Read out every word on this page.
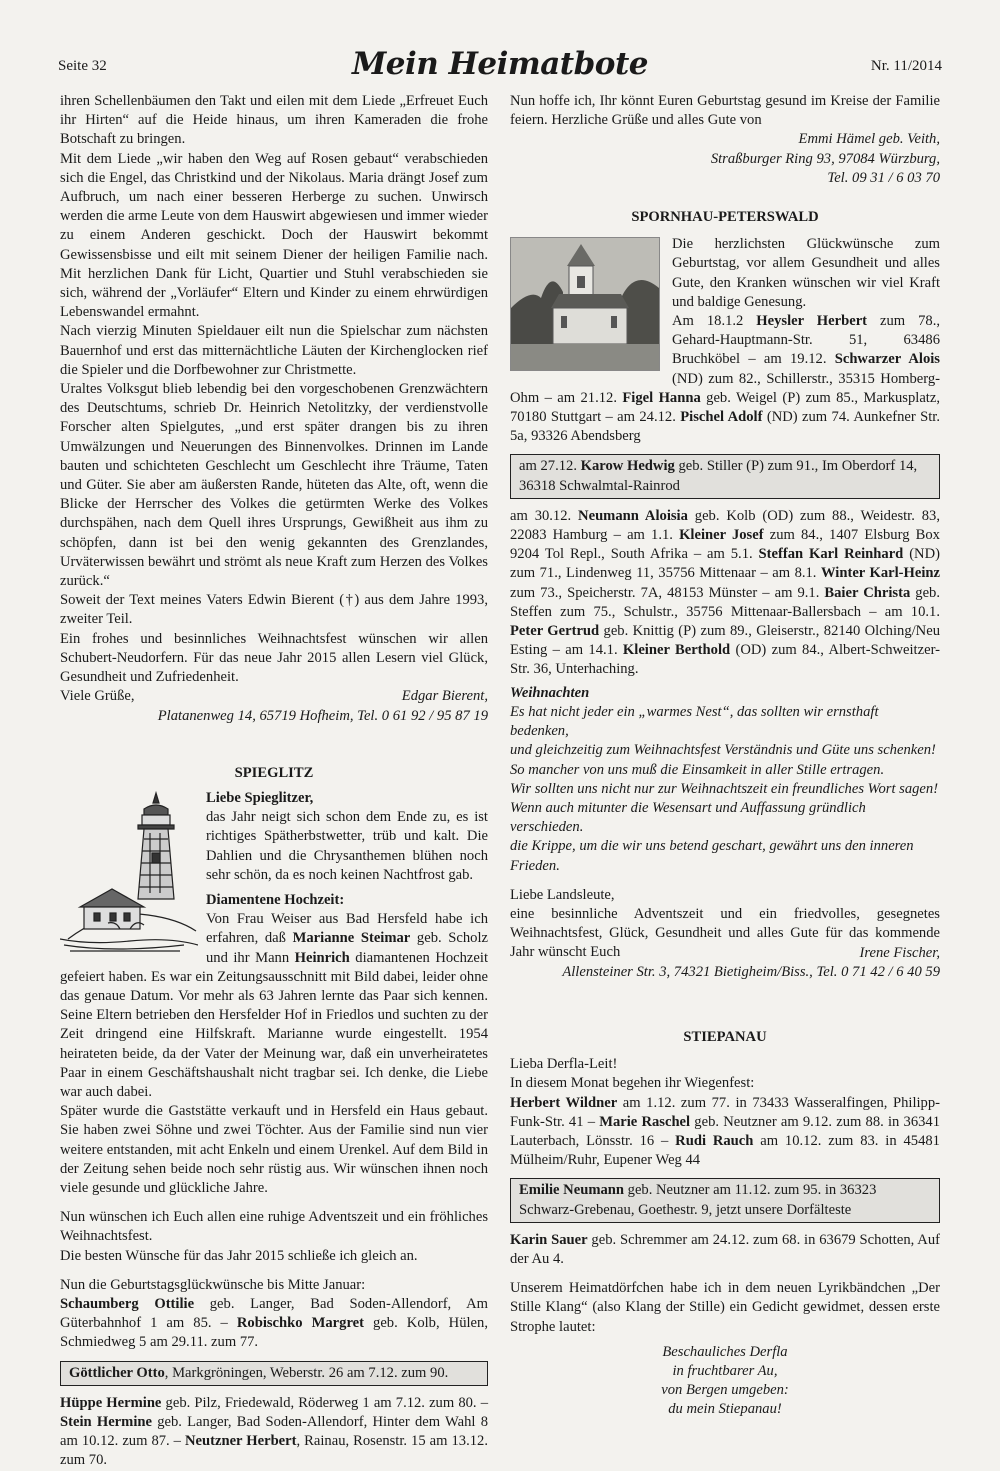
Seite 32	Mein Heimatbote	Nr. 11/2014

ihren Schellenbäumen den Takt und eilen mit dem Liede „Erfreuet Euch ihr Hirten“ auf die Heide hinaus, um ihren Kameraden die frohe Botschaft zu bringen.

Mit dem Liede „wir haben den Weg auf Rosen gebaut“ verabschieden sich die Engel, das Christkind und der Nikolaus. Maria drängt Josef zum Aufbruch, um nach einer besseren Herberge zu suchen. Unwirsch werden die arme Leute von dem Hauswirt abgewiesen und immer wieder zu einem Anderen geschickt. Doch der Hauswirt bekommt Gewissensbisse und eilt mit seinem Diener der heiligen Familie nach. Mit herzlichen Dank für Licht, Quartier und Stuhl verabschieden sie sich, während der „Vorläufer“ Eltern und Kinder zu einem ehrwürdigen Lebenswandel ermahnt.

Nach vierzig Minuten Spieldauer eilt nun die Spielschar zum nächsten Bauernhof und erst das mitternächtliche Läuten der Kirchenglocken rief die Spieler und die Dorfbewohner zur Christmette.

Uraltes Volksgut blieb lebendig bei den vorgeschobenen Grenzwächtern des Deutschtums, schrieb Dr. Heinrich Netolitzky, der verdienstvolle Forscher alten Spielgutes, „und erst später drangen bis zu ihren Umwälzungen und Neuerungen des Binnenvolkes. Drinnen im Lande bauten und schichteten Geschlecht um Geschlecht ihre Träume, Taten und Güter. Sie aber am äußersten Rande, hüteten das Alte, oft, wenn die Blicke der Herrscher des Volkes die getürmten Werke des Volkes durchspähen, nach dem Quell ihres Ursprungs, Gewißheit aus ihm zu schöpfen, dann ist bei den wenig gekannten des Grenzlandes, Urväterwissen bewährt und strömt als neue Kraft zum Herzen des Volkes zurück.“

Soweit der Text meines Vaters Edwin Bierent (†) aus dem Jahre 1993, zweiter Teil.

Ein frohes und besinnliches Weihnachtsfest wünschen wir allen Schubert-Neudorfern. Für das neue Jahr 2015 allen Lesern viel Glück, Gesundheit und Zufriedenheit.

Viele Grüße,	Edgar Bierent,

Platanenweg 14, 65719 Hofheim, Tel. 0 61 92 / 95 87 19

SPIEGLITZ

Liebe Spieglitzer,

das Jahr neigt sich schon dem Ende zu, es ist richtiges Spätherbstwetter, trüb und kalt. Die Dahlien und die Chrysanthemen blühen noch sehr schön, da es noch keinen Nachtfrost gab.

Diamentene Hochzeit:

Von Frau Weiser aus Bad Hersfeld habe ich erfahren, daß Marianne Steimar geb. Scholz und ihr Mann Heinrich diamantenen Hochzeit gefeiert haben. Es war ein Zeitungsausschnitt mit Bild dabei, leider ohne das genaue Datum. Vor mehr als 63 Jahren lernte das Paar sich kennen. Seine Eltern betrieben den Hersfelder Hof in Friedlos und suchten zu der Zeit dringend eine Hilfskraft. Marianne wurde eingestellt. 1954 heirateten beide, da der Vater der Meinung war, daß ein unverheiratetes Paar in einem Geschäftshaushalt nicht tragbar sei. Ich denke, die Liebe war auch dabei.

Später wurde die Gaststätte verkauft und in Hersfeld ein Haus gebaut. Sie haben zwei Söhne und zwei Töchter. Aus der Familie sind nun vier weitere entstanden, mit acht Enkeln und einem Urenkel. Auf dem Bild in der Zeitung sehen beide noch sehr rüstig aus. Wir wünschen ihnen noch viele gesunde und glückliche Jahre.

Nun wünschen ich Euch allen eine ruhige Adventszeit und ein fröhliches Weihnachtsfest.

Die besten Wünsche für das Jahr 2015 schließe ich gleich an.

Nun die Geburtstagsglückwünsche bis Mitte Januar:

Schaumberg Ottilie geb. Langer, Bad Soden-Allendorf, Am Güterbahnhof 1 am 85. – Robischko Margret geb. Kolb, Hülen, Schmiedweg 5 am 29.11. zum 77.

Göttlicher Otto, Markgröningen, Weberstr. 26 am 7.12. zum 90.

Hüppe Hermine geb. Pilz, Friedewald, Röderweg 1 am 7.12. zum 80. – Stein Hermine geb. Langer, Bad Soden-Allendorf, Hinter dem Wahl 8 am 10.12. zum 87. – Neutzner Herbert, Rainau, Rosenstr. 15 am 13.12. zum 70.

Nun hoffe ich, Ihr könnt Euren Geburtstag gesund im Kreise der Familie feiern. Herzliche Grüße und alles Gute von

Emmi Hämel geb. Veith,

Straßburger Ring 93, 97084 Würzburg,

Tel. 09 31 / 6 03 70

SPORNHAU-PETERSWALD

Die herzlichsten Glückwünsche zum Geburtstag, vor allem Gesundheit und alles Gute, den Kranken wünschen wir viel Kraft und baldige Genesung.

Am 18.1.2 Heysler Herbert zum 78., Gehard-Hauptmann-Str. 51, 63486 Bruchköbel – am 19.12. Schwarzer Alois (ND) zum 82., Schillerstr., 35315 Homberg-Ohm – am 21.12. Figel Hanna geb. Weigel (P) zum 85., Markusplatz, 70180 Stuttgart – am 24.12. Pischel Adolf (ND) zum 74. Aunkefner Str. 5a, 93326 Abendsberg

am 27.12. Karow Hedwig geb. Stiller (P) zum 91., Im Oberdorf 14, 36318 Schwalmtal-Rainrod

am 30.12. Neumann Aloisia geb. Kolb (OD) zum 88., Weidestr. 83, 22083 Hamburg – am 1.1. Kleiner Josef zum 84., 1407 Elsburg Box 9204 Tol Repl., South Afrika – am 5.1. Steffan Karl Reinhard (ND) zum 71., Lindenweg 11, 35756 Mittenaar – am 8.1. Winter Karl-Heinz zum 73., Speicherstr. 7A, 48153 Münster – am 9.1. Baier Christa geb. Steffen zum 75., Schulstr., 35756 Mittenaar-Ballersbach – am 10.1. Peter Gertrud geb. Knittig (P) zum 89., Gleiserstr., 82140 Olching/Neu Esting – am 14.1. Kleiner Berthold (OD) zum 84., Albert-Schweitzer-Str. 36, Unterhaching.

Weihnachten

Es hat nicht jeder ein „warmes Nest“, das sollten wir ernsthaft bedenken,

und gleichzeitig zum Weihnachtsfest Verständnis und Güte uns schenken!

So mancher von uns muß die Einsamkeit in aller Stille ertragen.

Wir sollten uns nicht nur zur Weihnachtszeit ein freundliches Wort sagen!

Wenn auch mitunter die Wesensart und Auffassung gründlich verschieden.

die Krippe, um die wir uns betend geschart, gewährt uns den inneren Frieden.

Liebe Landsleute,

eine besinnliche Adventszeit und ein friedvolles, gesegnetes Weihnachtsfest, Glück, Gesundheit und alles Gute für das kommende Jahr wünscht Euch	Irene Fischer,

Allensteiner Str. 3, 74321 Bietigheim/Biss., Tel. 0 71 42 / 6 40 59

STIEPANAU

Lieba Derfla-Leit!

In diesem Monat begehen ihr Wiegenfest:

Herbert Wildner am 1.12. zum 77. in 73433 Wasseralfingen, Philipp-Funk-Str. 41 – Marie Raschel geb. Neutzner am 9.12. zum 88. in 36341 Lauterbach, Lönsstr. 16 – Rudi Rauch am 10.12. zum 83. in 45481 Mülheim/Ruhr, Eupener Weg 44

Emilie Neumann geb. Neutzner am 11.12. zum 95. in 36323 Schwarz-Grebenau, Goethestr. 9, jetzt unsere Dorfälteste

Karin Sauer geb. Schremmer am 24.12. zum 68. in 63679 Schotten, Auf der Au 4.

Unserem Heimatdörfchen habe ich in dem neuen Lyrikbändchen „Der Stille Klang“ (also Klang der Stille) ein Gedicht gewidmet, dessen erste Strophe lautet:

Beschauliches Derfla

in fruchtbarer Au,

von Bergen umgeben:

du mein Stiepanau!
